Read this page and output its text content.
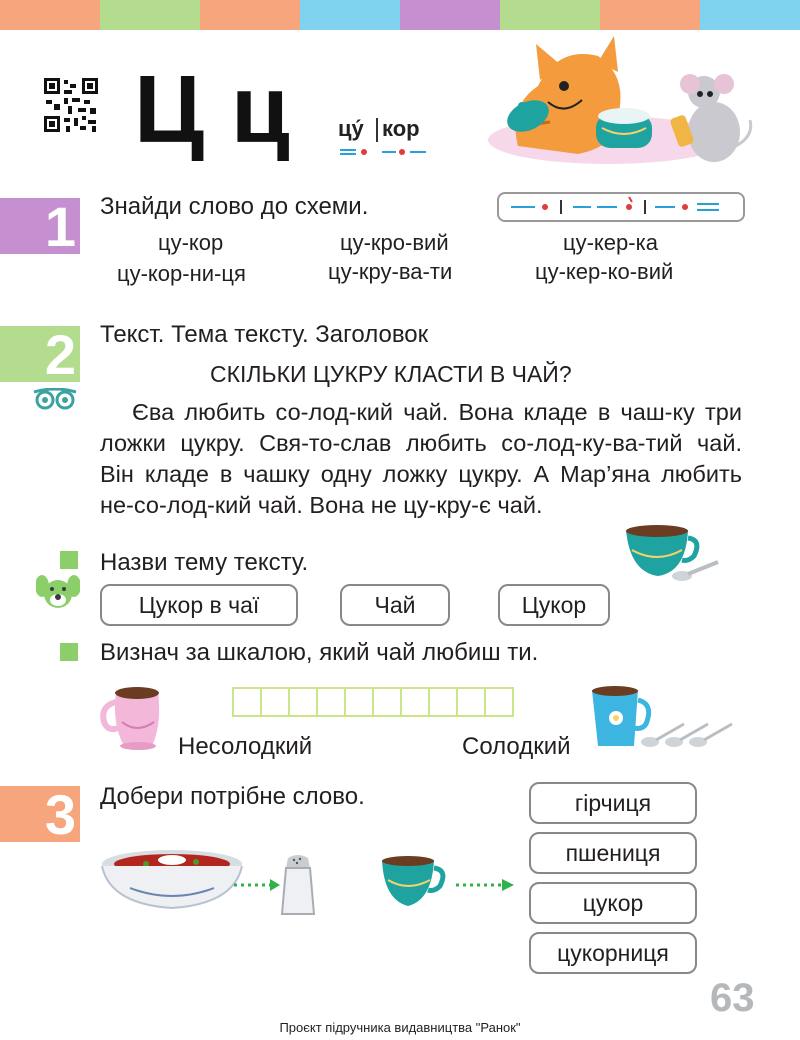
Ц ц цу́ кор
1 Знайди слово до схеми.
цу-кор	цу-кро-вий	цу-кер-ка
цу-кор-ни-ця	цу-кру-ва-ти	цу-кер-ко-вий
2 Текст. Тема тексту. Заголовок
СКІЛЬКИ ЦУКРУ КЛАСТИ В ЧАЙ?

Єва любить со-лод-кий чай. Вона кладе в чаш-ку три ложки цукру. Свя-то-слав любить со-лод-ку-ва-тий чай. Він кладе в чашку одну ложку цукру. А Мар’яна любить не-со-лод-кий чай. Вона не цу-кру-є чай.

Назви тему тексту.
Цукор в чаї	Чай	Цукор
Визнач за шкалою, який чай любиш ти.
Несолодкий	Солодкий
3 Добери потрібне слово.	гірчиця
пшениця
цукор
цукорниця
63
Проєкт підручника видавництва "Ранок"
